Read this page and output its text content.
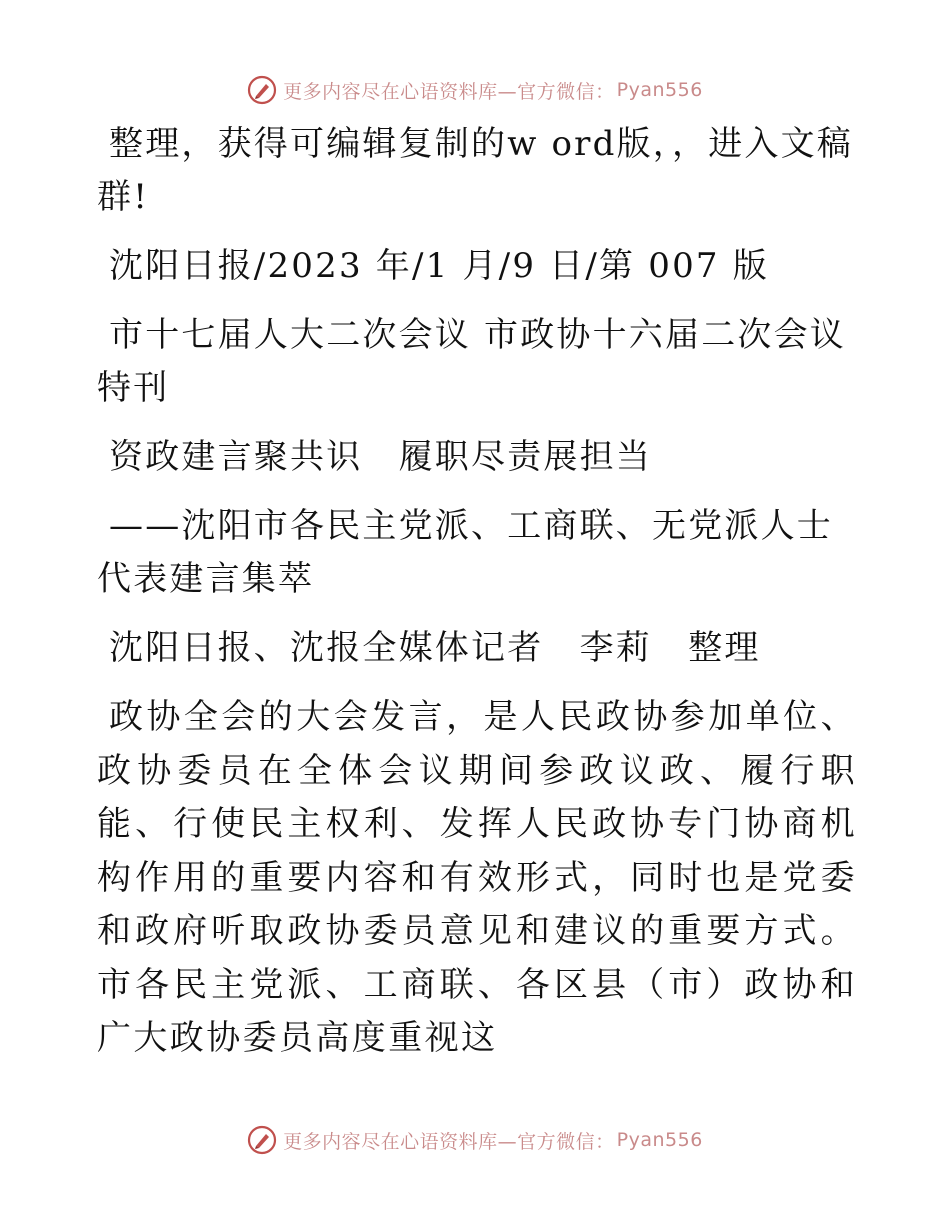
更多内容尽在心语资料库—官方微信： Pyan556

整理，获得可编辑复制的w ord版，，进入文稿群!

沈阳日报/2023 年/1 月/9 日/第 007 版

市十七届人大二次会议 市政协十六届二次会议特刊

资政建言聚共识　履职尽责展担当

——沈阳市各民主党派、工商联、无党派人士代表建言集萃

沈阳日报、沈报全媒体记者　李莉　整理

政协全会的大会发言，是人民政协参加单位、政协委员在全体会议期间参政议政、履行职能、行使民主权利、发挥人民政协专门协商机构作用的重要内容和有效形式，同时也是党委和政府听取政协委员意见和建议的重要方式。市各民主党派、工商联、各区县（市）政协和广大政协委员高度重视这

更多内容尽在心语资料库—官方微信： Pyan556
